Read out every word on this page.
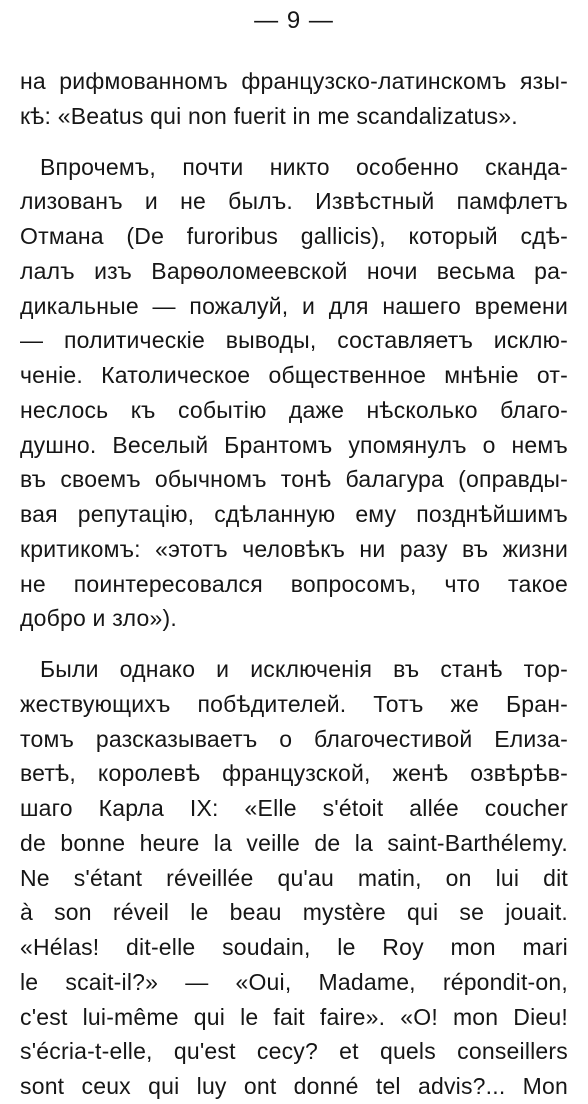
— 9 —
на рифмованномъ французско-латинскомъ язы-
кѣ: «Beatus qui non fuerit in me scandalizatus».
Впрочемъ, почти никто особенно сканда-
лизованъ и не былъ. Извѣстный памфлетъ
Отмана (De furoribus gallicis), который сдѣ-
лалъ изъ Варѳоломеевской ночи весьма ра-
дикальные — пожалуй, и для нашего времени
— политическіе выводы, составляетъ исклю-
ченіе. Католическое общественное мнѣніе от-
неслось къ событію даже нѣсколько благо-
душно. Веселый Брантомъ упомянулъ о немъ
въ своемъ обычномъ тонѣ балагура (оправды-
вая репутацію, сдѣланную ему позднѣйшимъ
критикомъ: «этотъ человѣкъ ни разу въ жизни
не поинтересовался вопросомъ, что такое
добро и зло»).
Были однако и исключенія въ станѣ тор-
жествующихъ побѣдителей. Тотъ же Бран-
томъ разсказываетъ о благочестивой Елиза-
ветѣ, королевѣ французской, женѣ озвѣрѣв-
шаго Карла IX: «Elle s'étoit allée coucher
de bonne heure la veille de la saint-Barthélemy.
Ne s'étant réveillée qu'au matin, on lui dit
à son réveil le beau mystère qui se jouait.
«Hélas! dit-elle soudain, le Roy mon mari
le scait-il?» — «Oui, Madame, répondit-on,
c'est lui-même qui le fait faire». «O! mon Dieu!
s'écria-t-elle, qu'est cecy? et quels conseillers
sont ceux qui luy ont donné tel advis?... Mon
